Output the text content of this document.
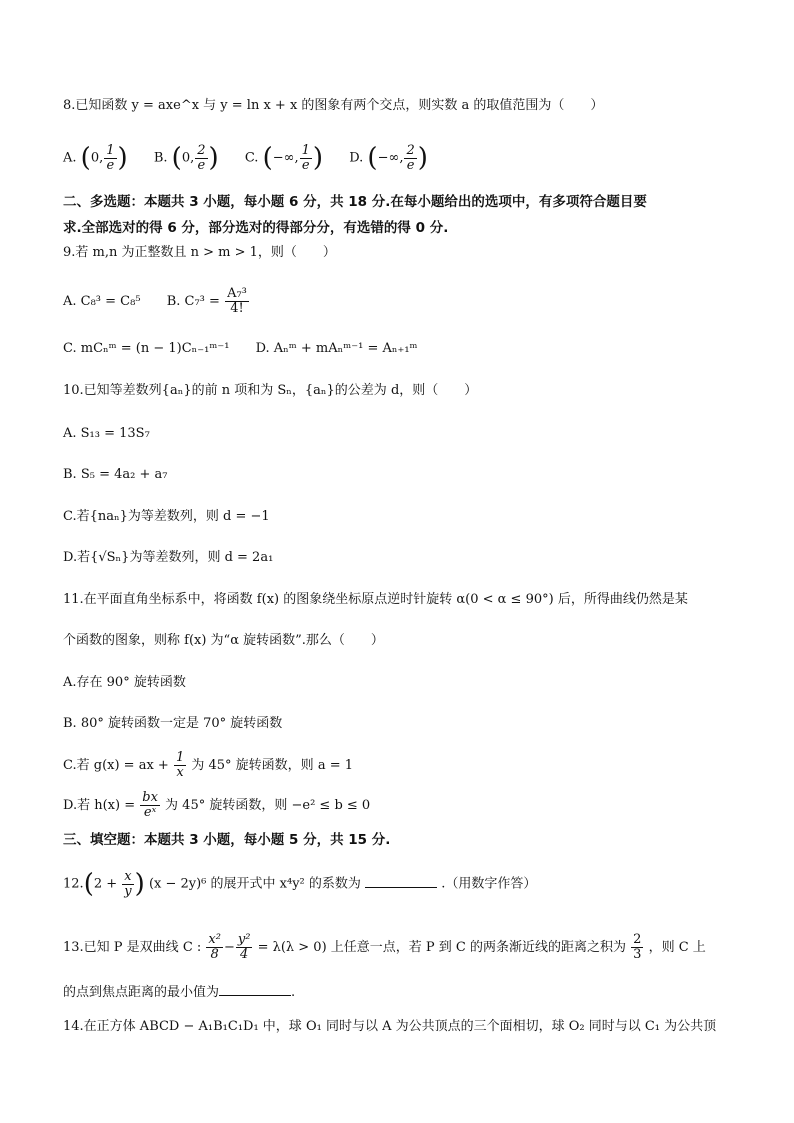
8.已知函数 y = axe^x 与 y = ln x + x 的图象有两个交点，则实数 a 的取值范围为（　　）
A. (0, $\frac{1}{e}$ ) B. (0, $\frac{2}{e}$ ) C. (−∞, $\frac{1}{e}$ ) D. (−∞, $\frac{2}{e}$ )
二、多选题：本题共 3 小题，每小题 6 分，共 18 分.在每小题给出的选项中，有多项符合题目要
求.全部选对的得 6 分，部分选对的得部分分，有选错的得 0 分.
9.若 m,n 为正整数且 n > m > 1，则（　　）
A. C₈³ = C₈⁵ B. $C_7^3 = \frac{\text{A₇³}}{4!}$
C. mCₙᵐ = (n − 1)Cₙ₋₁ᵐ⁻¹ D. Aₙᵐ + mAₙᵐ⁻¹ = Aₙ₊₁ᵐ
10.已知等差数列{aₙ}的前 n 项和为 Sₙ，{aₙ}的公差为 d，则（　　）
A. S₁₃ = 13S₇
B. S₅ = 4a₂ + a₇
C.若{naₙ}为等差数列，则 d = −1
D.若{√Sₙ}为等差数列，则 d = 2a₁
11.在平面直角坐标系中，将函数 f(x) 的图象绕坐标原点逆时针旋转 α(0 < α ≤ 90°) 后，所得曲线仍然是某
个函数的图象，则称 f(x) 为“α 旋转函数”.那么（　　）
A.存在 90° 旋转函数
B. 80° 旋转函数一定是 70° 旋转函数
C.若 g(x) = ax + $\frac{1}{x}$ 为 45° 旋转函数，则 a = 1
D.若 $h(x) = \frac{bx}{\text{eˣ}}$ 为 45° 旋转函数，则 −e² ≤ b ≤ 0
三、填空题：本题共 3 小题，每小题 5 分，共 15 分.
$12.(2 + \frac{x}{y}$ ) (x − 2y)⁶ 的展开式中 x⁴y² 的系数为	.（用数字作答）
13.已知 P 是双曲线 C : $\frac{\text{x²}}{8} - \frac{\text{y²}}{4} = \lambda(\lambda > 0)$ 上任意一点，若 P 到 C 的两条渐近线的距离之积为 $\frac{2}{3}$ ，则 C 上
的点到焦点距离的最小值为	.
14.在正方体 ABCD − A₁B₁C₁D₁ 中，球 O₁ 同时与以 A 为公共顶点的三个面相切，球 O₂ 同时与以 C₁ 为公共顶
